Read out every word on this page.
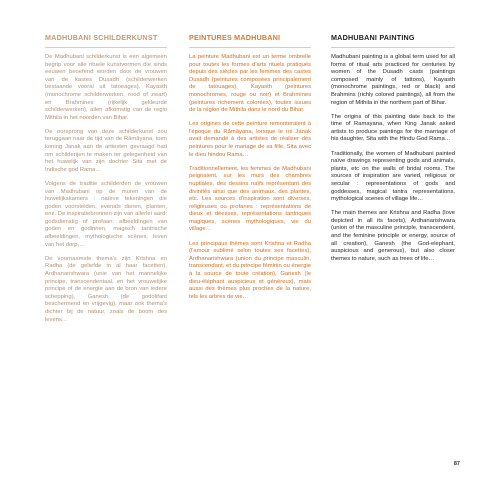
MADHUBANI SCHILDERKUNST

De Madhubani schilderkunst is een algemeen begrip voor alle rituele kunstvormen die sinds eeuwen beoefend worden door de vrouwen van de kastes Dusadh (schilderwerken bestaande vooral uit tatoeages), Kayasth (monochrome schilderwerken, rood of zwart) en Brahmines (rijkelijk gekleurde schilderwerken), allen afkomstig van de regio Mithila in het noorden van Bihar.

De oorsprong van deze schilderkunst zou teruggaan naar de tijd van de Râmâyana, toen koning Janak aan de artiesten gevraagd had om schilderijen te maken ter gelegenheid van het huwelijk van zijn dochter Sita met de Indische god Rama…

Volgens de traditie schilderden de vrouwen van Madhubani op de muren van de huwelijkskamers : naïeve tekeningen die goden voorstelden, evenals dieren, planten, enz. De inspiratiebronnen zijn van allerlei aard: godsdienstig of profaan: afbeeldingen van goden en godinnen, magisch tantrische afbeeldingen, mythologische scènes, leven van het dorp,…

De voornaamste thema's zijn Krishna en Radha (de geliefde in al haar facetten), Ardhanarishwara (unie van het mannelijke principe, transcendentaal, en het vrouwelijke principe of de energie aan de bron van iedere schepping), Ganesh (de godolifant beschermend en vrijgevig), maar ook thema's dichter bij de natuur, zoals de boom des levens…

PEINTURES MADHUBANI

La peinture Madhubani est un terme ombrelle pour toutes les formes d'arts rituels pratiqués depuis des siècles par les femmes des castes Dusadh (peintures composées principalement de tatouages), Kayasth (peintures monochromes, rouge ou noir) et Brahmines (peintures richement colorées), toutes issues de la région de Mithila dans le nord du Bihar.

Les origines de cette peinture remonteraient à l'époque du Râmâyana, lorsque le roi Janak avait demandé à des artistes de réaliser des peintures pour le mariage de sa fille, Sita avec le dieu hindou Rama…

Traditionnellement, les femmes de Madhubani peignaient, sur les murs des chambres nuptiales, des dessins naïfs représentant des divinités ainsi que des animaux, des plantes, etc. Les sources d'inspiration sont diverses, religieuses ou profanes : représentations de dieux et déesses, représentations tantriques magiques, scènes mythologiques, vie du village…

Les principaux thèmes sont Krishna et Radha (l'amour sublimé selon toutes ses facettes), Ardhanarishwara (union du principe masculin, transcendant, et du principe féminin ou énergie à la source de toute création), Ganesh (le dieu-éléphant auspicieux et généreux), mais aussi des thèmes plus proches de la nature, tels les arbres de vie…

MADHUBANI PAINTING

Madhubani painting is a global term used for all forms of ritual arts practiced for centuries by women of the Dusadh casts (paintings composed mainly of tattoos), Kayasth (monochrome paintings, red or black) and Brahmins (richly colored paintings), all from the region of Mithila in the northern part of Bihar.

The origins of this painting date back to the time of Ramayana, when King Janak asked artists to produce paintings for the marriage of his daughter, Sita with the Hindu God Rama…

Traditionally, the women of Madhubani painted naïve drawings representing gods and animals, plants, etc on the walls of bridal rooms. The sources of inspiration are varied, religious or secular : representations of gods and goddesses, magical tantra representations, mythological scenes of village life…

The main themes are Krishna and Radha (love depicted in all its facets), Ardhanarishwara (union of the masculine principle, transcendent, and the feminine principle or energy, source of all creation), Ganesh (the God-elephant, auspicious and generous), but also closer themes to nature, such as trees of life…

87
